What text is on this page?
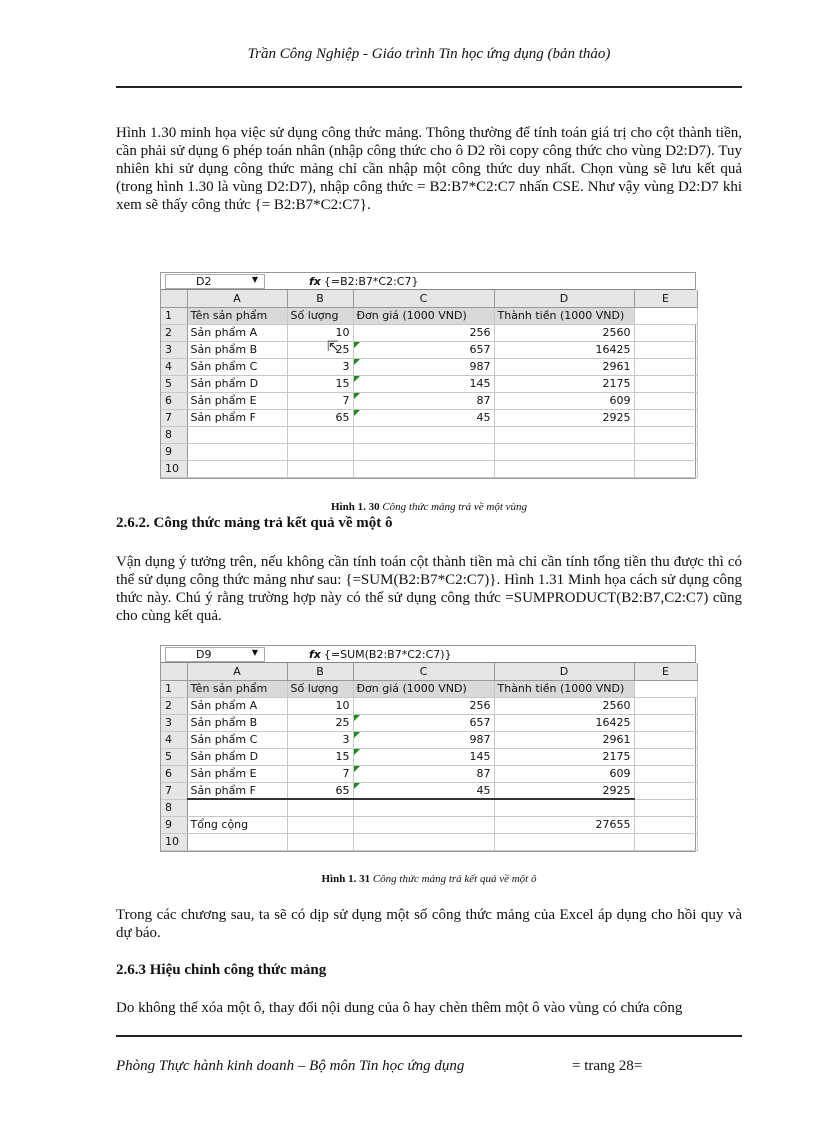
Trần Công Nghiệp - Giáo trình Tin học ứng dụng (bản thảo)
Hình 1.30 minh họa việc sử dụng công thức mảng. Thông thường để tính toán giá trị cho cột thành tiền, cần phải sử dụng 6 phép toán nhân (nhập công thức cho ô D2 rồi copy công thức cho vùng D2:D7). Tuy nhiên khi sử dụng công thức mảng chỉ cần nhập một công thức duy nhất. Chọn vùng sẽ lưu kết quả (trong hình 1.30 là vùng D2:D7), nhập công thức = B2:B7*C2:C7 nhấn CSE. Như vậy vùng D2:D7 khi xem sẽ thấy công thức {= B2:B7*C2:C7}.
D2	▼	fx {=B2:B7*C2:C7}
	A	B	C	D	E
1	Tên sản phẩm	Số lượng	Đơn giá (1000 VND)	Thành tiền (1000 VND)	
2	Sản phẩm A	10	256	2560	
3	Sản phẩm B	25	657	16425	
4	Sản phẩm C	3	987	2961	
5	Sản phẩm D	15	145	2175	
6	Sản phẩm E	7	87	609	
7	Sản phẩm F	65	45	2925	
8					
9					
10					
⇱
Hình 1. 30 Công thức mảng trả về một vùng
2.6.2. Công thức mảng trả kết quả về một ô
Vận dụng ý tưởng trên, nếu không cần tính toán cột thành tiền mà chỉ cần tính tổng tiền thu được thì có thể sử dụng công thức mảng như sau: {=SUM(B2:B7*C2:C7)}. Hình 1.31 Minh họa cách sử dụng công thức này. Chú ý rằng trường hợp này có thể sử dụng công thức =SUMPRODUCT(B2:B7,C2:C7) cũng cho cùng kết quả.
D9	▼	fx {=SUM(B2:B7*C2:C7)}
	A	B	C	D	E
1	Tên sản phẩm	Số lượng	Đơn giá (1000 VND)	Thành tiền (1000 VND)	
2	Sản phẩm A	10	256	2560	
3	Sản phẩm B	25	657	16425	
4	Sản phẩm C	3	987	2961	
5	Sản phẩm D	15	145	2175	
6	Sản phẩm E	7	87	609	
7	Sản phẩm F	65	45	2925	
8					
9	Tổng cộng			27655	
10					
Hình 1. 31 Công thức mảng trả kết quả về một ô
Trong các chương sau, ta sẽ có dịp sử dụng một số công thức mảng của Excel áp dụng cho hồi quy và dự báo.
2.6.3 Hiệu chỉnh công thức mảng
Do không thể xóa một ô, thay đổi nội dung của ô hay chèn thêm một ô vào vùng có chứa công
Phòng Thực hành kinh doanh – Bộ môn Tin học ứng dụng	= trang 28=
